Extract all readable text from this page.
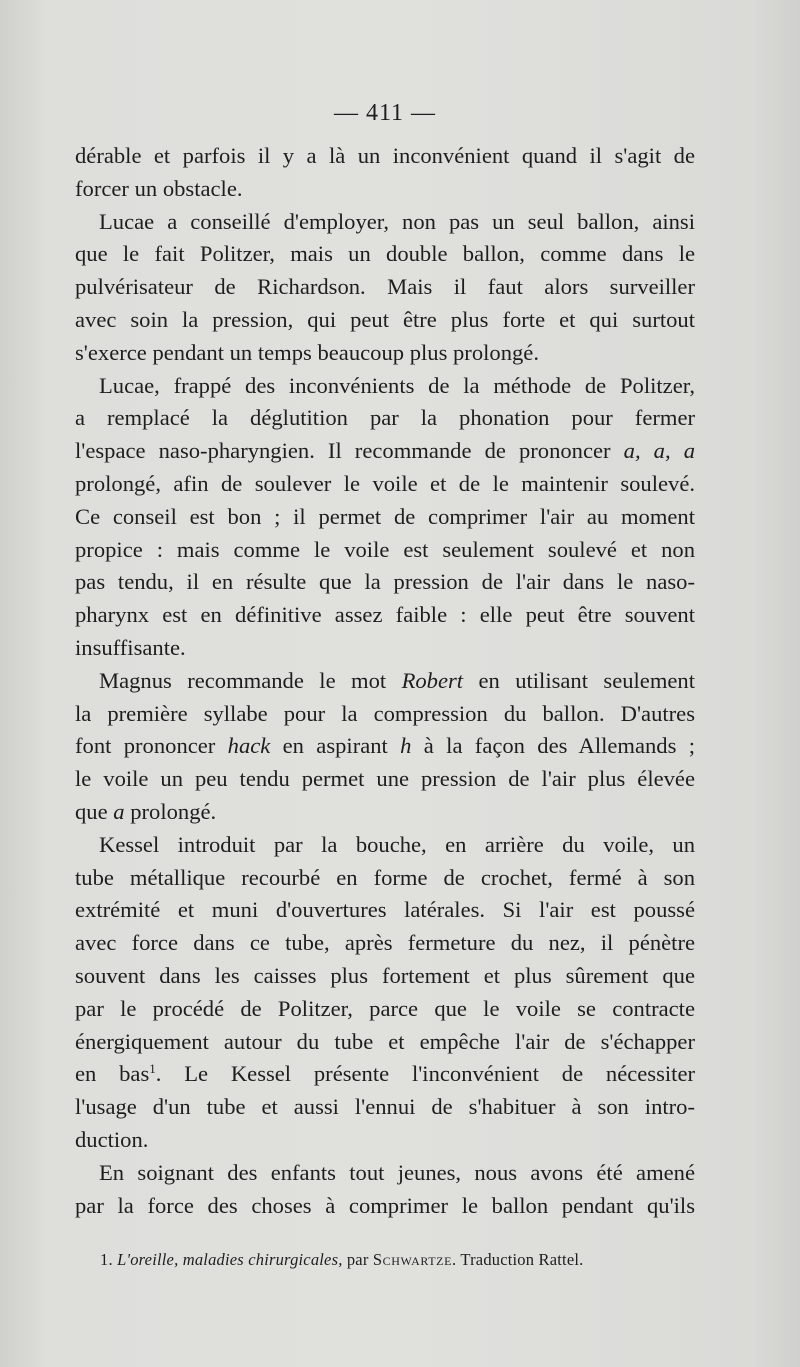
— 411 —

dérable et parfois il y a là un inconvénient quand il s'agit de

forcer un obstacle.

Lucae a conseillé d'employer, non pas un seul ballon, ainsi

que le fait Politzer, mais un double ballon, comme dans le

pulvérisateur de Richardson. Mais il faut alors surveiller

avec soin la pression, qui peut être plus forte et qui surtout

s'exerce pendant un temps beaucoup plus prolongé.

Lucae, frappé des inconvénients de la méthode de Politzer,

a remplacé la déglutition par la phonation pour fermer

l'espace naso-pharyngien. Il recommande de prononcer a, a, a

prolongé, afin de soulever le voile et de le maintenir soulevé.

Ce conseil est bon ; il permet de comprimer l'air au moment

propice : mais comme le voile est seulement soulevé et non

pas tendu, il en résulte que la pression de l'air dans le naso-

pharynx est en définitive assez faible : elle peut être souvent

insuffisante.

Magnus recommande le mot Robert en utilisant seulement

la première syllabe pour la compression du ballon. D'autres

font prononcer hack en aspirant h à la façon des Allemands ;

le voile un peu tendu permet une pression de l'air plus élevée

que a prolongé.

Kessel introduit par la bouche, en arrière du voile, un

tube métallique recourbé en forme de crochet, fermé à son

extrémité et muni d'ouvertures latérales. Si l'air est poussé

avec force dans ce tube, après fermeture du nez, il pénètre

souvent dans les caisses plus fortement et plus sûrement que

par le procédé de Politzer, parce que le voile se contracte

énergiquement autour du tube et empêche l'air de s'échapper

en bas$^1$. Le Kessel présente l'inconvénient de nécessiter

l'usage d'un tube et aussi l'ennui de s'habituer à son intro-

duction.

En soignant des enfants tout jeunes, nous avons été amené

par la force des choses à comprimer le ballon pendant qu'ils

1. L'oreille, maladies chirurgicales, par Schwartze. Traduction Rattel.
